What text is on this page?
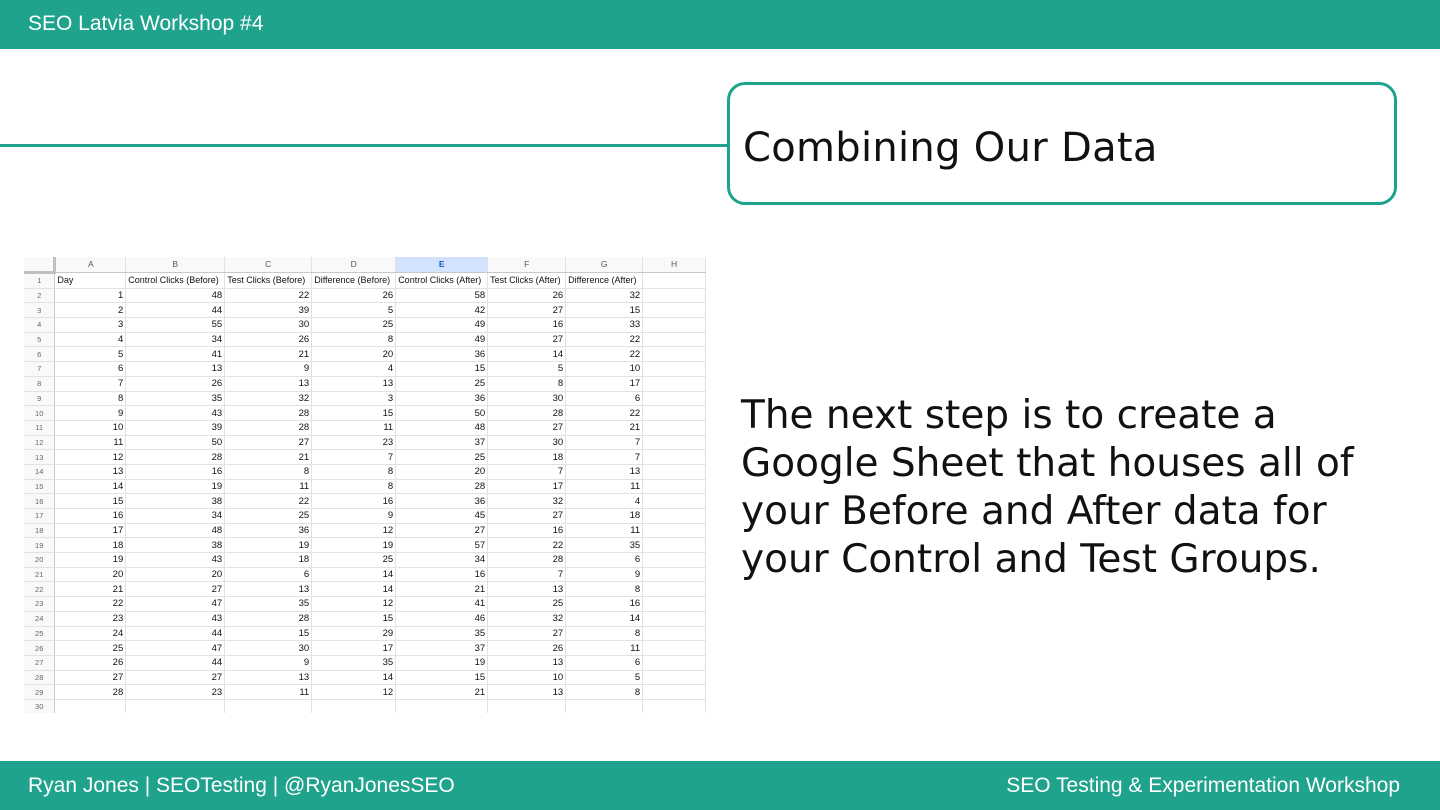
SEO Latvia Workshop #4
Combining Our Data
	A	B	C	D	E	F	G	H
1	Day	Control Clicks (Before)	Test Clicks (Before)	Difference (Before)	Control Clicks (After)	Test Clicks (After)	Difference (After)	
2	1	48	22	26	58	26	32	
3	2	44	39	5	42	27	15	
4	3	55	30	25	49	16	33	
5	4	34	26	8	49	27	22	
6	5	41	21	20	36	14	22	
7	6	13	9	4	15	5	10	
8	7	26	13	13	25	8	17	
9	8	35	32	3	36	30	6	
10	9	43	28	15	50	28	22	
11	10	39	28	11	48	27	21	
12	11	50	27	23	37	30	7	
13	12	28	21	7	25	18	7	
14	13	16	8	8	20	7	13	
15	14	19	11	8	28	17	11	
16	15	38	22	16	36	32	4	
17	16	34	25	9	45	27	18	
18	17	48	36	12	27	16	11	
19	18	38	19	19	57	22	35	
20	19	43	18	25	34	28	6	
21	20	20	6	14	16	7	9	
22	21	27	13	14	21	13	8	
23	22	47	35	12	41	25	16	
24	23	43	28	15	46	32	14	
25	24	44	15	29	35	27	8	
26	25	47	30	17	37	26	11	
27	26	44	9	35	19	13	6	
28	27	27	13	14	15	10	5	
29	28	23	11	12	21	13	8	
30								
The next step is to create a Google Sheet that houses all of your Before and After data for your Control and Test Groups.
Ryan Jones | SEOTesting | @RyanJonesSEO	SEO Testing & Experimentation Workshop
